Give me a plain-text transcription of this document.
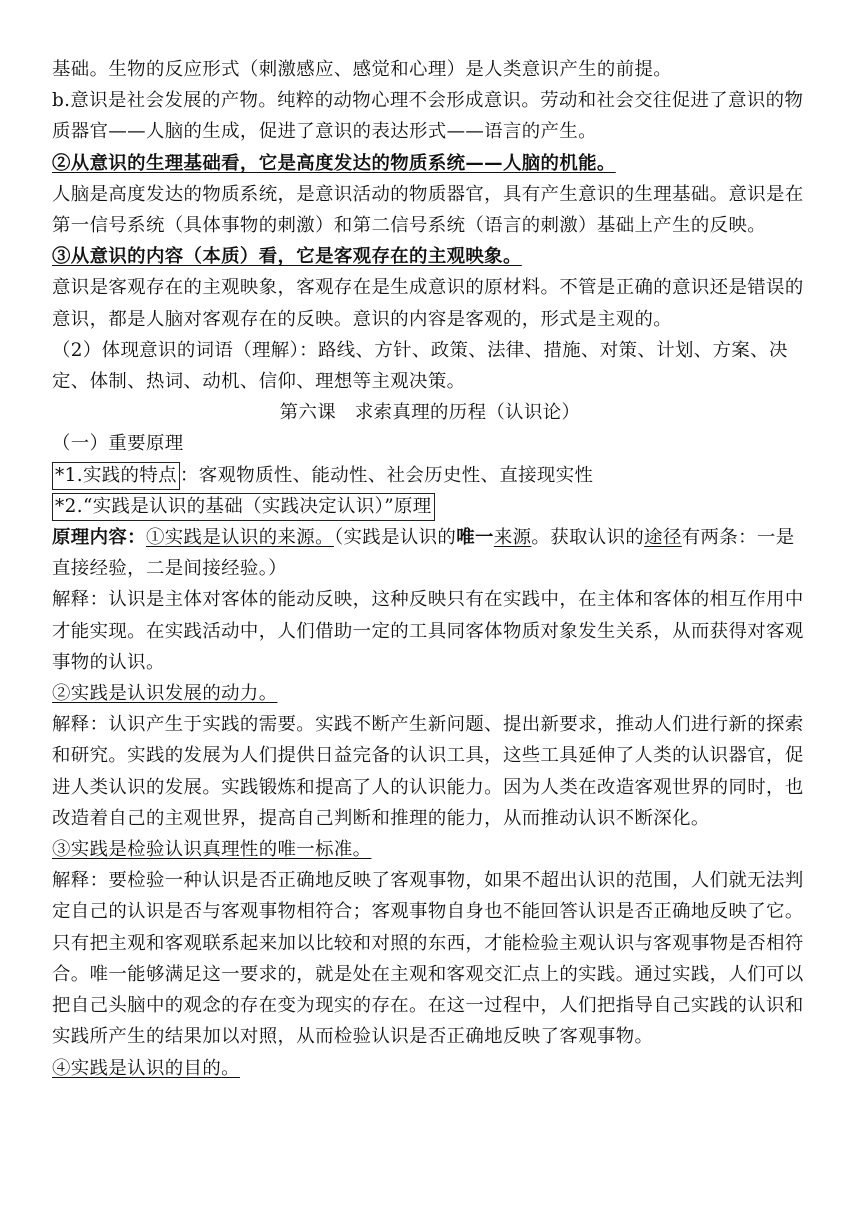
基础。生物的反应形式（刺激感应、感觉和心理）是人类意识产生的前提。

b.意识是社会发展的产物。纯粹的动物心理不会形成意识。劳动和社会交往促进了意识的物质器官——人脑的生成，促进了意识的表达形式——语言的产生。

②从意识的生理基础看，它是高度发达的物质系统——人脑的机能。

人脑是高度发达的物质系统，是意识活动的物质器官，具有产生意识的生理基础。意识是在第一信号系统（具体事物的刺激）和第二信号系统（语言的刺激）基础上产生的反映。

③从意识的内容（本质）看，它是客观存在的主观映象。

意识是客观存在的主观映象，客观存在是生成意识的原材料。不管是正确的意识还是错误的意识，都是人脑对客观存在的反映。意识的内容是客观的，形式是主观的。

（2）体现意识的词语（理解）：路线、方针、政策、法律、措施、对策、计划、方案、决定、体制、热词、动机、信仰、理想等主观决策。

第六课　求索真理的历程（认识论）

（一）重要原理

*1.实践的特点 ：客观物质性、能动性、社会历史性、直接现实性

*2.“实践是认识的基础（实践决定认识）”原理

原理内容：①实践是认识的来源。（实践是认识的唯一来源。获取认识的途径有两条：一是直接经验，二是间接经验。）

解释：认识是主体对客体的能动反映，这种反映只有在实践中，在主体和客体的相互作用中才能实现。在实践活动中，人们借助一定的工具同客体物质对象发生关系，从而获得对客观事物的认识。

②实践是认识发展的动力。

解释：认识产生于实践的需要。实践不断产生新问题、提出新要求，推动人们进行新的探索和研究。实践的发展为人们提供日益完备的认识工具，这些工具延伸了人类的认识器官，促进人类认识的发展。实践锻炼和提高了人的认识能力。因为人类在改造客观世界的同时，也改造着自己的主观世界，提高自己判断和推理的能力，从而推动认识不断深化。

③实践是检验认识真理性的唯一标准。

解释：要检验一种认识是否正确地反映了客观事物，如果不超出认识的范围，人们就无法判定自己的认识是否与客观事物相符合；客观事物自身也不能回答认识是否正确地反映了它。只有把主观和客观联系起来加以比较和对照的东西，才能检验主观认识与客观事物是否相符合。唯一能够满足这一要求的，就是处在主观和客观交汇点上的实践。通过实践，人们可以把自己头脑中的观念的存在变为现实的存在。在这一过程中，人们把指导自己实践的认识和实践所产生的结果加以对照，从而检验认识是否正确地反映了客观事物。

④实践是认识的目的。
